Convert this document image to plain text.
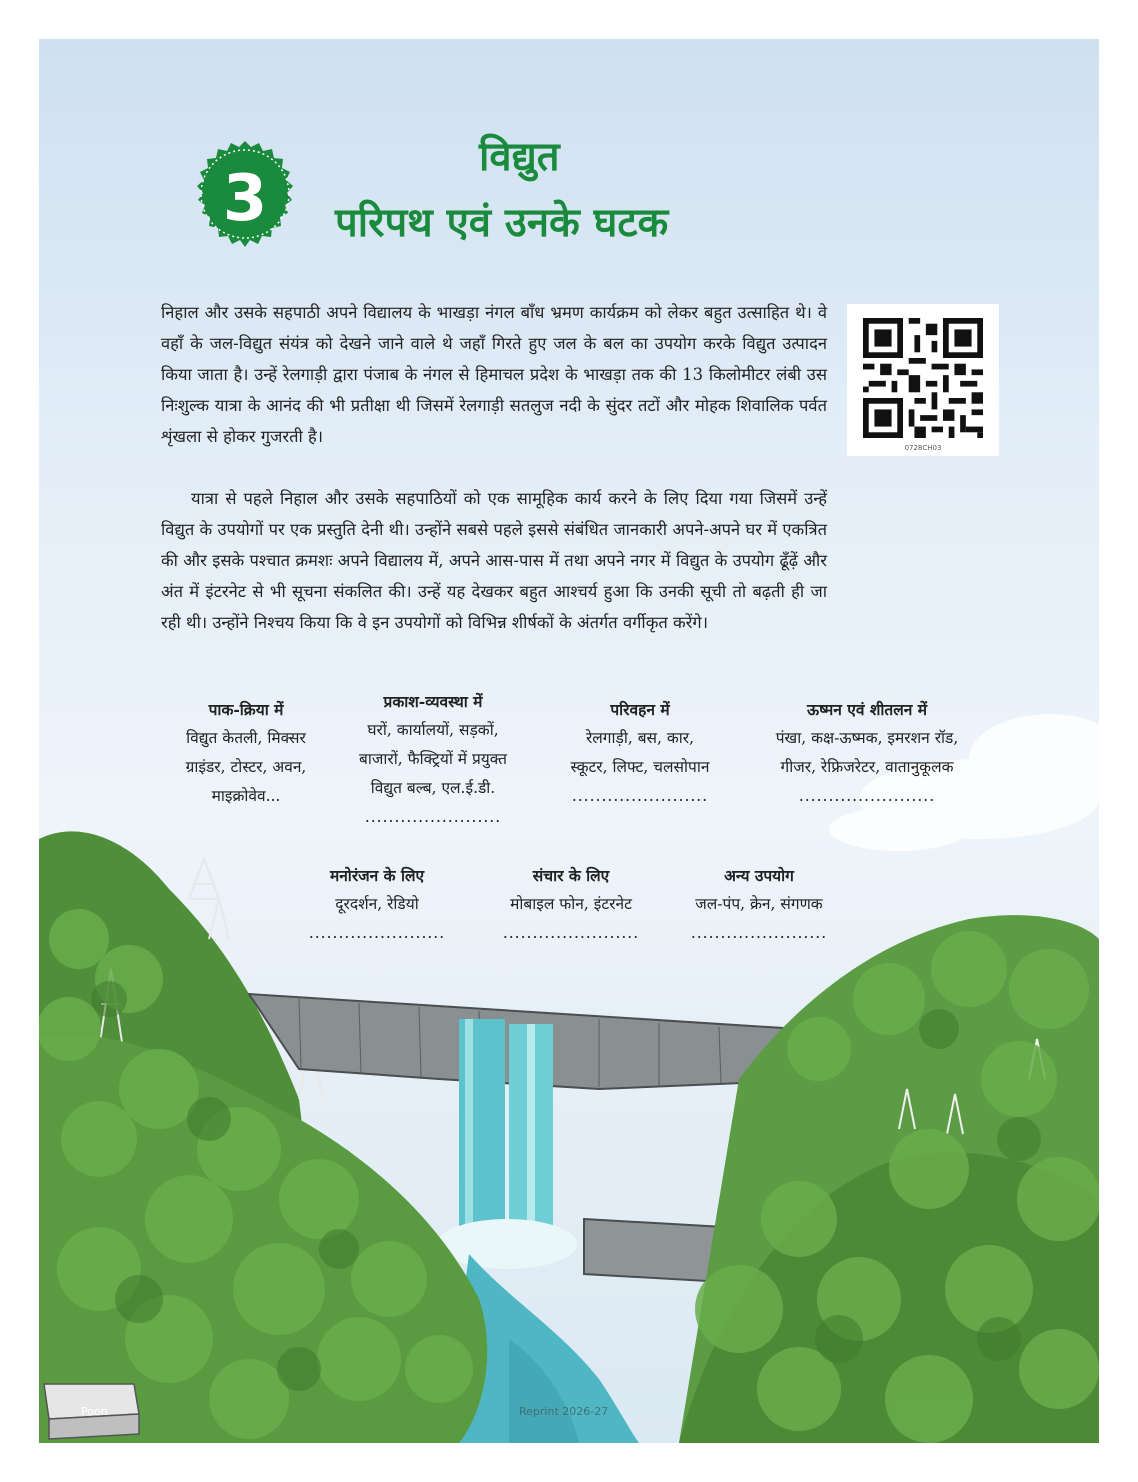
3
विद्युत
परिपथ एवं उनके घटक
0728CH03

निहाल और उसके सहपाठी अपने विद्यालय के भाखड़ा नंगल बाँध भ्रमण कार्यक्रम को लेकर बहुत उत्साहित थे। वे वहाँ के जल-विद्युत संयंत्र को देखने जाने वाले थे जहाँ गिरते हुए जल के बल का उपयोग करके विद्युत उत्पादन किया जाता है। उन्हें रेलगाड़ी द्वारा पंजाब के नंगल से हिमाचल प्रदेश के भाखड़ा तक की 13 किलोमीटर लंबी उस निःशुल्क यात्रा के आनंद की भी प्रतीक्षा थी जिसमें रेलगाड़ी सतलुज नदी के सुंदर तटों और मोहक शिवालिक पर्वत शृंखला से होकर गुजरती है।

यात्रा से पहले निहाल और उसके सहपाठियों को एक सामूहिक कार्य करने के लिए दिया गया जिसमें उन्हें विद्युत के उपयोगों पर एक प्रस्तुति देनी थी। उन्होंने सबसे पहले इससे संबंधित जानकारी अपने-अपने घर में एकत्रित की और इसके पश्चात क्रमशः अपने विद्यालय में, अपने आस-पास में तथा अपने नगर में विद्युत के उपयोग ढूँढ़ें और अंत में इंटरनेट से भी सूचना संकलित की। उन्हें यह देखकर बहुत आश्चर्य हुआ कि उनकी सूची तो बढ़ती ही जा रही थी। उन्होंने निश्चय किया कि वे इन उपयोगों को विभिन्न शीर्षकों के अंतर्गत वर्गीकृत करेंगे।

पाक-क्रिया में
विद्युत केतली, मिक्सर
ग्राइंडर, टोस्टर, अवन,
माइक्रोवेव...
प्रकाश-व्यवस्था में
घरों, कार्यालयों, सड़कों,
बाजारों, फैक्ट्रियों में प्रयुक्त
विद्युत बल्ब, एल.ई.डी.
.......................
परिवहन में
रेलगाड़ी, बस, कार,
स्कूटर, लिफ्ट, चलसोपान
.......................
ऊष्मन एवं शीतलन में
पंखा, कक्ष-ऊष्मक, इमरशन रॉड,
गीजर, रेफ्रिजरेटर, वातानुकूलक
.......................
मनोरंजन के लिए
दूरदर्शन, रेडियो
.......................
संचार के लिए
मोबाइल फोन, इंटरनेट
.......................
अन्य उपयोग
जल-पंप, क्रेन, संगणक
.......................
Poon	Reprint 2026-27
